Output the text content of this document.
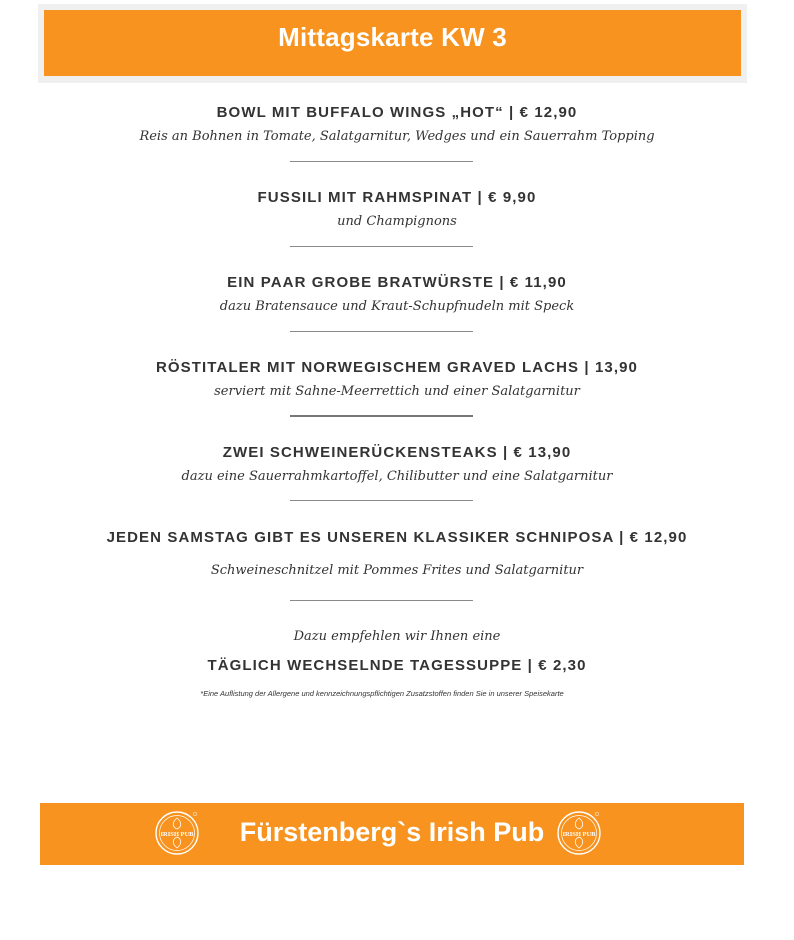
Mittagskarte KW 3
BOWL MIT BUFFALO WINGS „HOT“ | € 12,90
Reis an Bohnen in Tomate, Salatgarnitur, Wedges und ein Sauerrahm Topping
FUSSILI MIT RAHMSPINAT | € 9,90
und Champignons
EIN PAAR GROBE BRATWÜRSTE | € 11,90
dazu Bratensauce und Kraut-Schupfnudeln mit Speck
RÖSTITALER MIT NORWEGISCHEM GRAVED LACHS | 13,90
serviert mit Sahne-Meerrettich und einer Salatgarnitur
ZWEI SCHWEINERÜCKENSTEAKS | € 13,90
dazu eine Sauerrahmkartoffel, Chilibutter und eine Salatgarnitur
JEDEN SAMSTAG GIBT ES UNSEREN KLASSIKER SCHNIPOSA | € 12,90
Schweineschnitzel mit Pommes Frites und Salatgarnitur
Dazu empfehlen wir Ihnen eine
TÄGLICH WECHSELNDE TAGESSUPPE | € 2,30
*Eine Auflistung der Allergene und kennzeichnungspflichtigen Zusatzstoffen finden Sie in unserer Speisekarte
IRISH PUB	Fürstenberg`s Irish Pub	IRISH PUB
